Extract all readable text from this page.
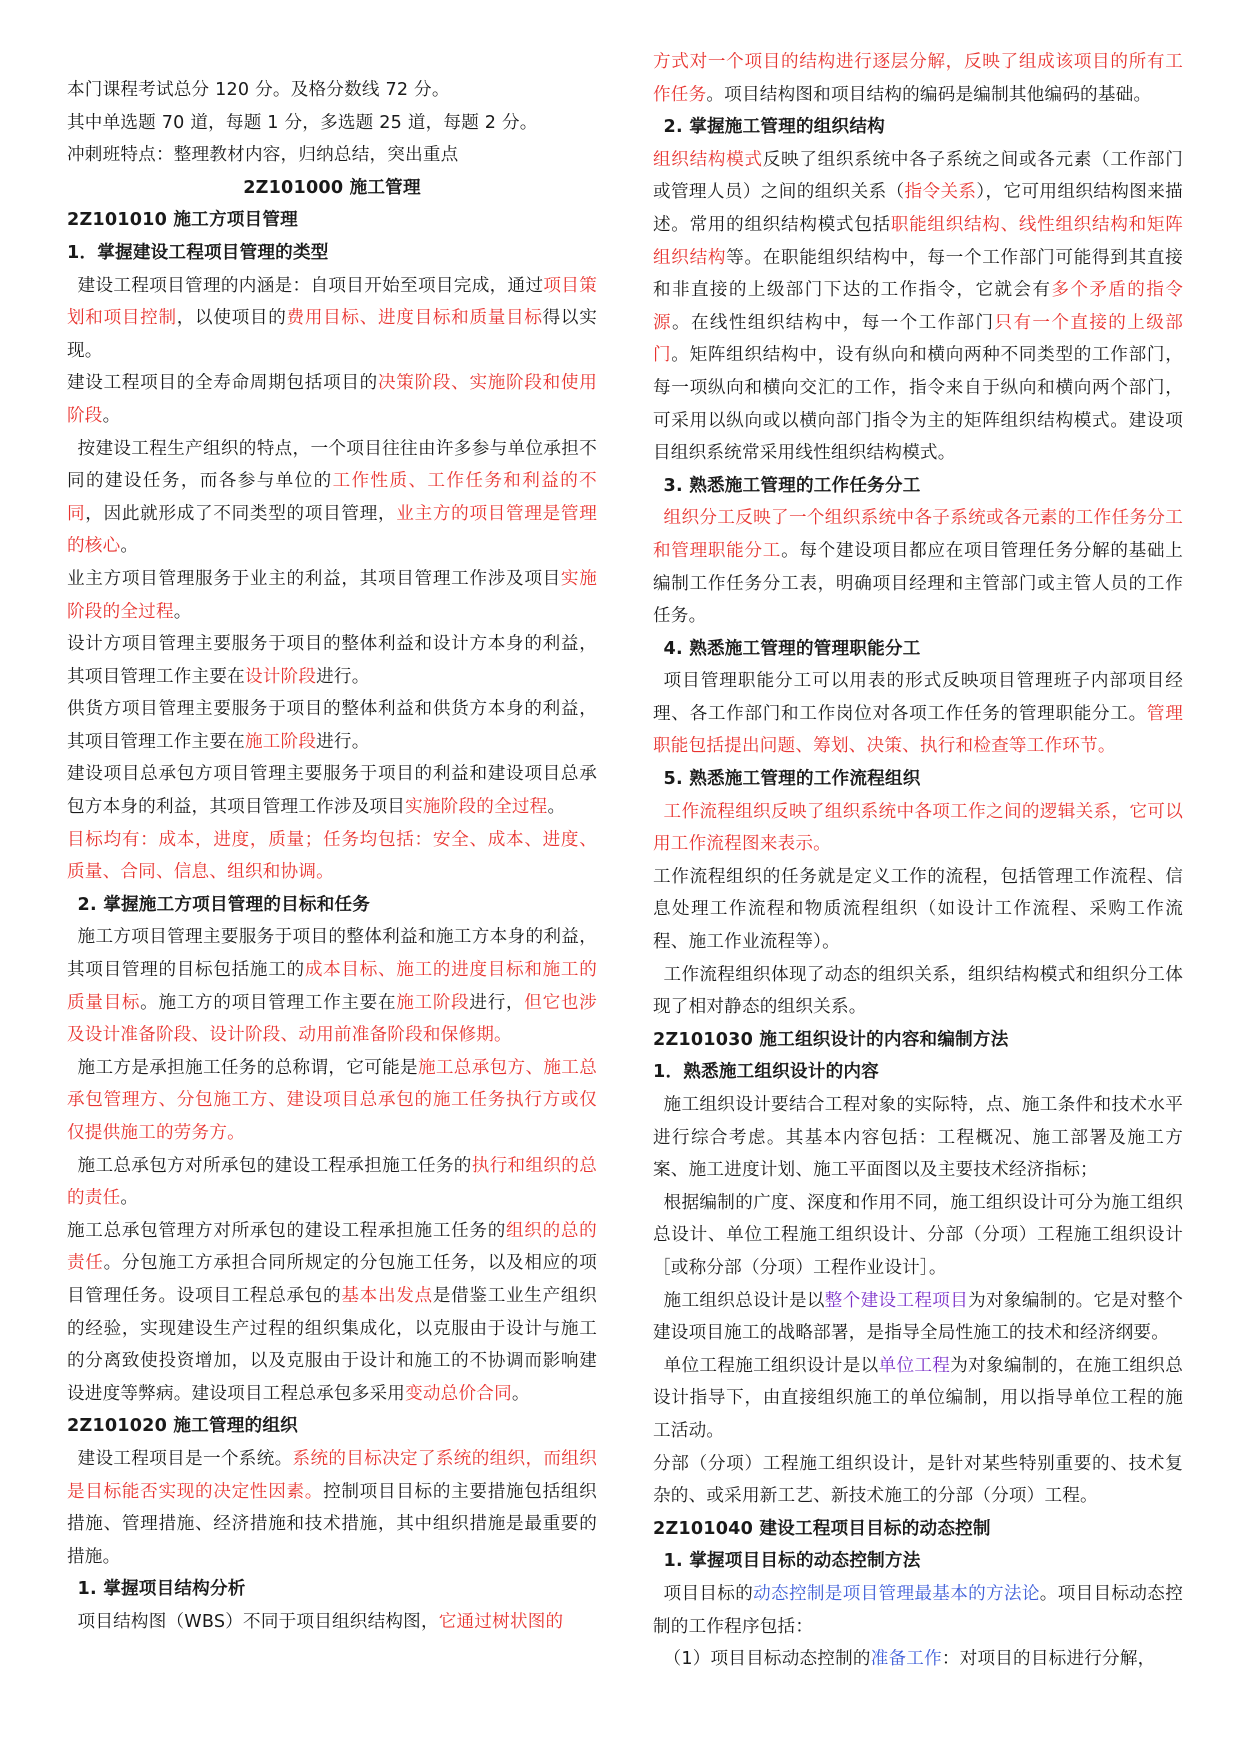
本门课程考试总分 120 分。及格分数线 72 分。

其中单选题 70 道，每题 1 分，多选题 25 道，每题 2 分。

冲刺班特点：整理教材内容，归纳总结，突出重点

2Z101000 施工管理

2Z101010 施工方项目管理

1．掌握建设工程项目管理的类型

建设工程项目管理的内涵是：自项目开始至项目完成，通过项目策划和项目控制，以使项目的费用目标、进度目标和质量目标得以实现。

建设工程项目的全寿命周期包括项目的决策阶段、实施阶段和使用阶段。

按建设工程生产组织的特点，一个项目往往由许多参与单位承担不同的建设任务，而各参与单位的工作性质、工作任务和利益的不同，因此就形成了不同类型的项目管理，业主方的项目管理是管理的核心。

业主方项目管理服务于业主的利益，其项目管理工作涉及项目实施阶段的全过程。

设计方项目管理主要服务于项目的整体利益和设计方本身的利益，其项目管理工作主要在设计阶段进行。

供货方项目管理主要服务于项目的整体利益和供货方本身的利益，其项目管理工作主要在施工阶段进行。

建设项目总承包方项目管理主要服务于项目的利益和建设项目总承包方本身的利益，其项目管理工作涉及项目实施阶段的全过程。

目标均有：成本，进度，质量；任务均包括：安全、成本、进度、质量、合同、信息、组织和协调。

2. 掌握施工方项目管理的目标和任务

施工方项目管理主要服务于项目的整体利益和施工方本身的利益，其项目管理的目标包括施工的成本目标、施工的进度目标和施工的质量目标。施工方的项目管理工作主要在施工阶段进行，但它也涉及设计准备阶段、设计阶段、动用前准备阶段和保修期。

施工方是承担施工任务的总称谓，它可能是施工总承包方、施工总承包管理方、分包施工方、建设项目总承包的施工任务执行方或仅仅提供施工的劳务方。

施工总承包方对所承包的建设工程承担施工任务的执行和组织的总的责任。

施工总承包管理方对所承包的建设工程承担施工任务的组织的总的责任。分包施工方承担合同所规定的分包施工任务，以及相应的项目管理任务。设项目工程总承包的基本出发点是借鉴工业生产组织的经验，实现建设生产过程的组织集成化，以克服由于设计与施工的分离致使投资增加，以及克服由于设计和施工的不协调而影响建设进度等弊病。建设项目工程总承包多采用变动总价合同。

2Z101020 施工管理的组织

建设工程项目是一个系统。系统的目标决定了系统的组织，而组织是目标能否实现的决定性因素。控制项目目标的主要措施包括组织措施、管理措施、经济措施和技术措施，其中组织措施是最重要的措施。

1. 掌握项目结构分析

项目结构图（WBS）不同于项目组织结构图，它通过树状图的

方式对一个项目的结构进行逐层分解，反映了组成该项目的所有工作任务。项目结构图和项目结构的编码是编制其他编码的基础。

2. 掌握施工管理的组织结构

组织结构模式反映了组织系统中各子系统之间或各元素（工作部门或管理人员）之间的组织关系（指令关系），它可用组织结构图来描述。常用的组织结构模式包括职能组织结构、线性组织结构和矩阵组织结构等。在职能组织结构中，每一个工作部门可能得到其直接和非直接的上级部门下达的工作指令，它就会有多个矛盾的指令源。在线性组织结构中，每一个工作部门只有一个直接的上级部门。矩阵组织结构中，设有纵向和横向两种不同类型的工作部门，每一项纵向和横向交汇的工作，指令来自于纵向和横向两个部门，可采用以纵向或以横向部门指令为主的矩阵组织结构模式。建设项目组织系统常采用线性组织结构模式。

3. 熟悉施工管理的工作任务分工

组织分工反映了一个组织系统中各子系统或各元素的工作任务分工和管理职能分工。每个建设项目都应在项目管理任务分解的基础上编制工作任务分工表，明确项目经理和主管部门或主管人员的工作任务。

4. 熟悉施工管理的管理职能分工

项目管理职能分工可以用表的形式反映项目管理班子内部项目经理、各工作部门和工作岗位对各项工作任务的管理职能分工。管理职能包括提出问题、筹划、决策、执行和检查等工作环节。

5. 熟悉施工管理的工作流程组织

工作流程组织反映了组织系统中各项工作之间的逻辑关系，它可以用工作流程图来表示。

工作流程组织的任务就是定义工作的流程，包括管理工作流程、信息处理工作流程和物质流程组织（如设计工作流程、采购工作流程、施工作业流程等）。

工作流程组织体现了动态的组织关系，组织结构模式和组织分工体现了相对静态的组织关系。

2Z101030 施工组织设计的内容和编制方法

1．熟悉施工组织设计的内容

施工组织设计要结合工程对象的实际特，点、施工条件和技术水平进行综合考虑。其基本内容包括：工程概况、施工部署及施工方案、施工进度计划、施工平面图以及主要技术经济指标；

根据编制的广度、深度和作用不同，施工组织设计可分为施工组织总设计、单位工程施工组织设计、分部（分项）工程施工组织设计［或称分部（分项）工程作业设计］。

施工组织总设计是以整个建设工程项目为对象编制的。它是对整个建设项目施工的战略部署，是指导全局性施工的技术和经济纲要。

单位工程施工组织设计是以单位工程为对象编制的，在施工组织总设计指导下，由直接组织施工的单位编制，用以指导单位工程的施工活动。

分部（分项）工程施工组织设计，是针对某些特别重要的、技术复杂的、或采用新工艺、新技术施工的分部（分项）工程。

2Z101040 建设工程项目目标的动态控制

1. 掌握项目目标的动态控制方法

项目目标的动态控制是项目管理最基本的方法论。项目目标动态控制的工作程序包括：

（1）项目目标动态控制的准备工作：对项目的目标进行分解，
